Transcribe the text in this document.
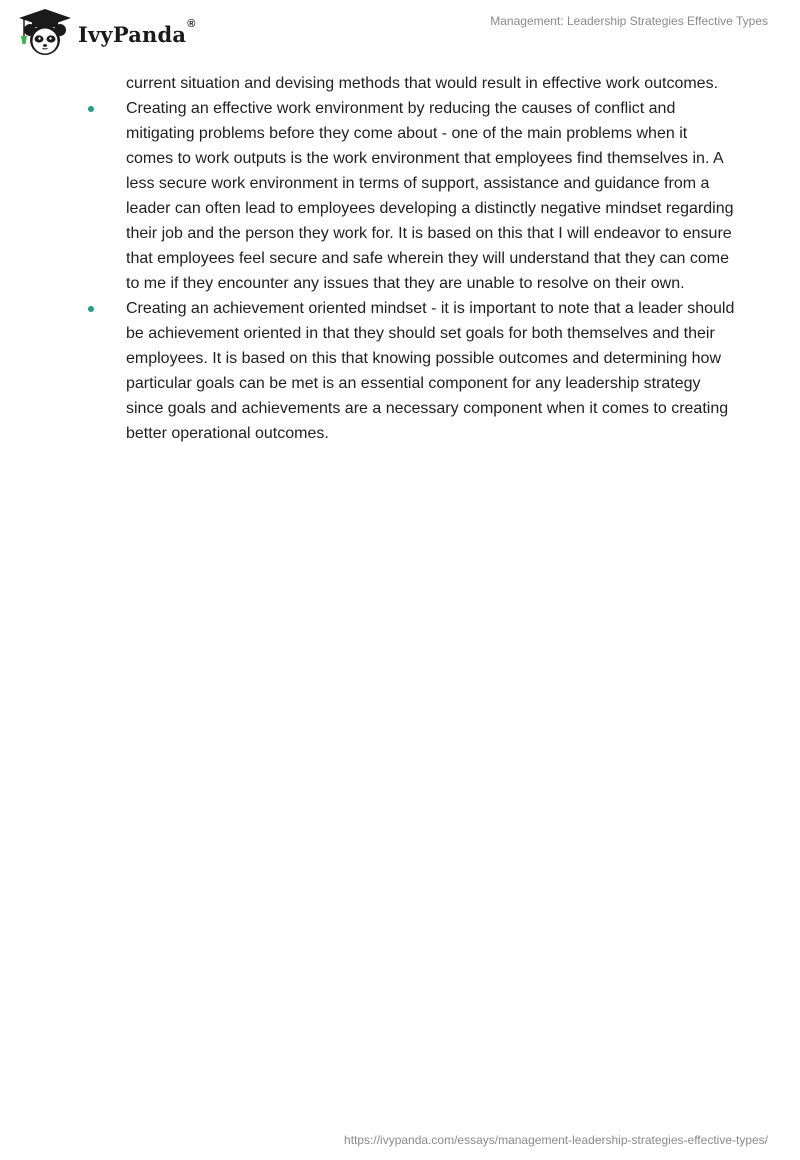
IvyPanda®	Management: Leadership Strategies Effective Types

current situation and devising methods that would result in effective work outcomes.

Creating an effective work environment by reducing the causes of conflict and mitigating problems before they come about - one of the main problems when it comes to work outputs is the work environment that employees find themselves in. A less secure work environment in terms of support, assistance and guidance from a leader can often lead to employees developing a distinctly negative mindset regarding their job and the person they work for. It is based on this that I will endeavor to ensure that employees feel secure and safe wherein they will understand that they can come to me if they encounter any issues that they are unable to resolve on their own.
Creating an achievement oriented mindset - it is important to note that a leader should be achievement oriented in that they should set goals for both themselves and their employees. It is based on this that knowing possible outcomes and determining how particular goals can be met is an essential component for any leadership strategy since goals and achievements are a necessary component when it comes to creating better operational outcomes.
https://ivypanda.com/essays/management-leadership-strategies-effective-types/
